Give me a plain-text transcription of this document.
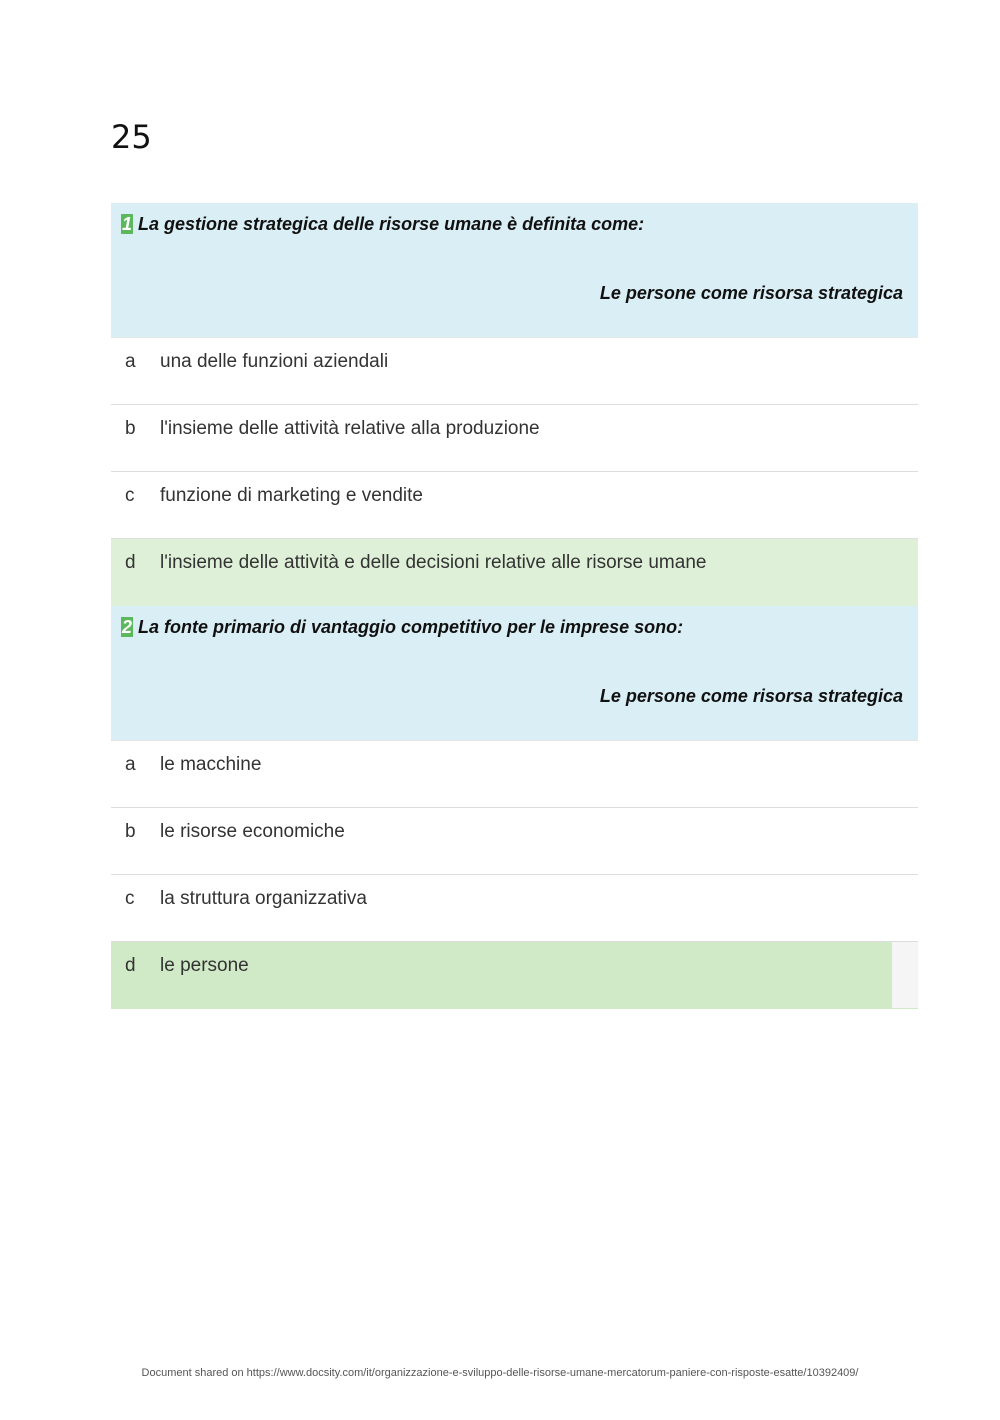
25
1 La gestione strategica delle risorse umane è definita come:
Le persone come risorsa strategica
a una delle funzioni aziendali
b l'insieme delle attività relative alla produzione
c funzione di marketing e vendite
d l'insieme delle attività e delle decisioni relative alle risorse umane
2 La fonte primario di vantaggio competitivo per le imprese sono:
Le persone come risorsa strategica
a le macchine
b le risorse economiche
c la struttura organizzativa
d le persone
Document shared on https://www.docsity.com/it/organizzazione-e-sviluppo-delle-risorse-umane-mercatorum-paniere-con-risposte-esatte/10392409/
